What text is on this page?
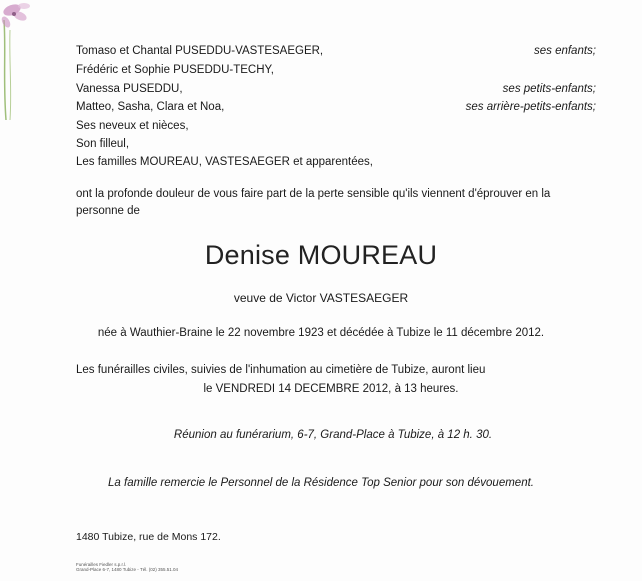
Tomaso et Chantal PUSEDDU-VASTESAEGER,	ses enfants;
Frédéric et Sophie PUSEDDU-TECHY,
Vanessa PUSEDDU,	ses petits-enfants;
Matteo, Sasha, Clara et Noa,	ses arrière-petits-enfants;
Ses neveux et nièces,
Son filleul,
Les familles MOUREAU, VASTESAEGER et apparentées,
ont la profonde douleur de vous faire part de la perte sensible qu'ils viennent d'éprouver en la personne de
Denise MOUREAU
veuve de Victor VASTESAEGER
née à Wauthier-Braine le 22 novembre 1923 et décédée à Tubize le 11 décembre 2012.
Les funérailles civiles, suivies de l'inhumation au cimetière de Tubize, auront lieu
le VENDREDI 14 DECEMBRE 2012, à 13 heures.
Réunion au funérarium, 6-7, Grand-Place à Tubize, à 12 h. 30.
La famille remercie le Personnel de la Résidence Top Senior pour son dévouement.
1480 Tubize, rue de Mons 172.
Funérailles Fiedler s.p.r.l.
Grand-Place 6-7, 1480 Tubize - Tél. (02) 355.51.04
